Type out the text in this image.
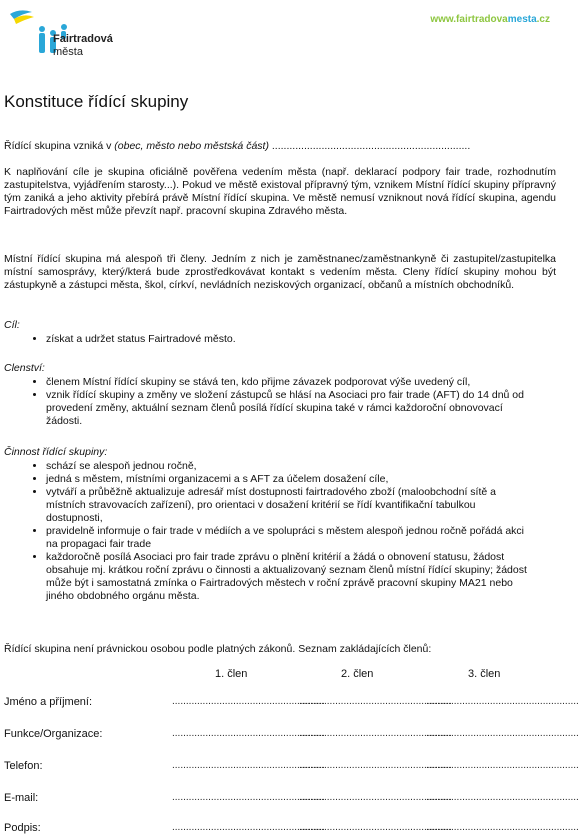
Fairtradová
města
www.fairtradovamesta.cz
Konstituce řídící skupiny
Řídící skupina vzniká v (obec, město nebo městská část) ....................................................................
K naplňování cíle je skupina oficiálně pověřena vedením města (např. deklarací podpory fair trade, rozhodnutím zastupitelstva, vyjádřením starosty...). Pokud ve městě existoval přípravný tým, vznikem Místní řídící skupiny přípravný tým zaniká a jeho aktivity přebírá právě Místní řídící skupina. Ve městě nemusí vzniknout nová řídící skupina, agendu Fairtradových měst může převzít např. pracovní skupina Zdravého města.
Místní řídící skupina má alespoň tři členy. Jedním z nich je zaměstnanec/zaměstnankyně či zastupitel/zastupitelka místní samosprávy, který/která bude zprostředkovávat kontakt s vedením města. Cleny řídící skupiny mohou být zástupkyně a zástupci města, škol, církví, nevládních neziskových organizací, občanů a místních obchodníků.
Cíl:
• získat a udržet status Fairtradové město.
Clenství:
• členem Místní řídící skupiny se stává ten, kdo přijme závazek podporovat výše uvedený cíl,
• vznik řídící skupiny a změny ve složení zástupců se hlásí na Asociaci pro fair trade (AFT) do 14 dnů od provedení změny, aktuální seznam členů posílá řídící skupina také v rámci každoroční obnovovací žádosti.
Činnost řídící skupiny:
• schází se alespoň jednou ročně,
• jedná s městem, místními organizacemi a s AFT za účelem dosažení cíle,
• vytváří a průběžně aktualizuje adresář míst dostupnosti fairtradového zboží (maloobchodní sítě a místních stravovacích zařízení), pro orientaci v dosažení kritérií se řídí kvantifikační tabulkou dostupnosti,
• pravidelně informuje o fair trade v médiích a ve spolupráci s městem alespoň jednou ročně pořádá akci na propagaci fair trade
• každoročně posílá Asociaci pro fair trade zprávu o plnění kritérií a žádá o obnovení statusu, žádost obsahuje mj. krátkou roční zprávu o činnosti a aktualizovaný seznam členů místní řídící skupiny; žádost může být i samostatná zmínka o Fairtradových městech v roční zprávě pracovní skupiny MA21 nebo jiného obdobného orgánu města.
Řídící skupina není právnickou osobou podle platných zákonů. Seznam zakládajících členů:
1. člen	2. člen	3. člen
Jméno a příjmení:
Funkce/Organizace:
Telefon:
E-mail:
Podpis:
.......................................................
.......................................................
.......................................................
.......................................................
.......................................................
.......................................................
.......................................................
.......................................................
.......................................................
.......................................................
.......................................................
.......................................................
.......................................................
.......................................................
.......................................................
